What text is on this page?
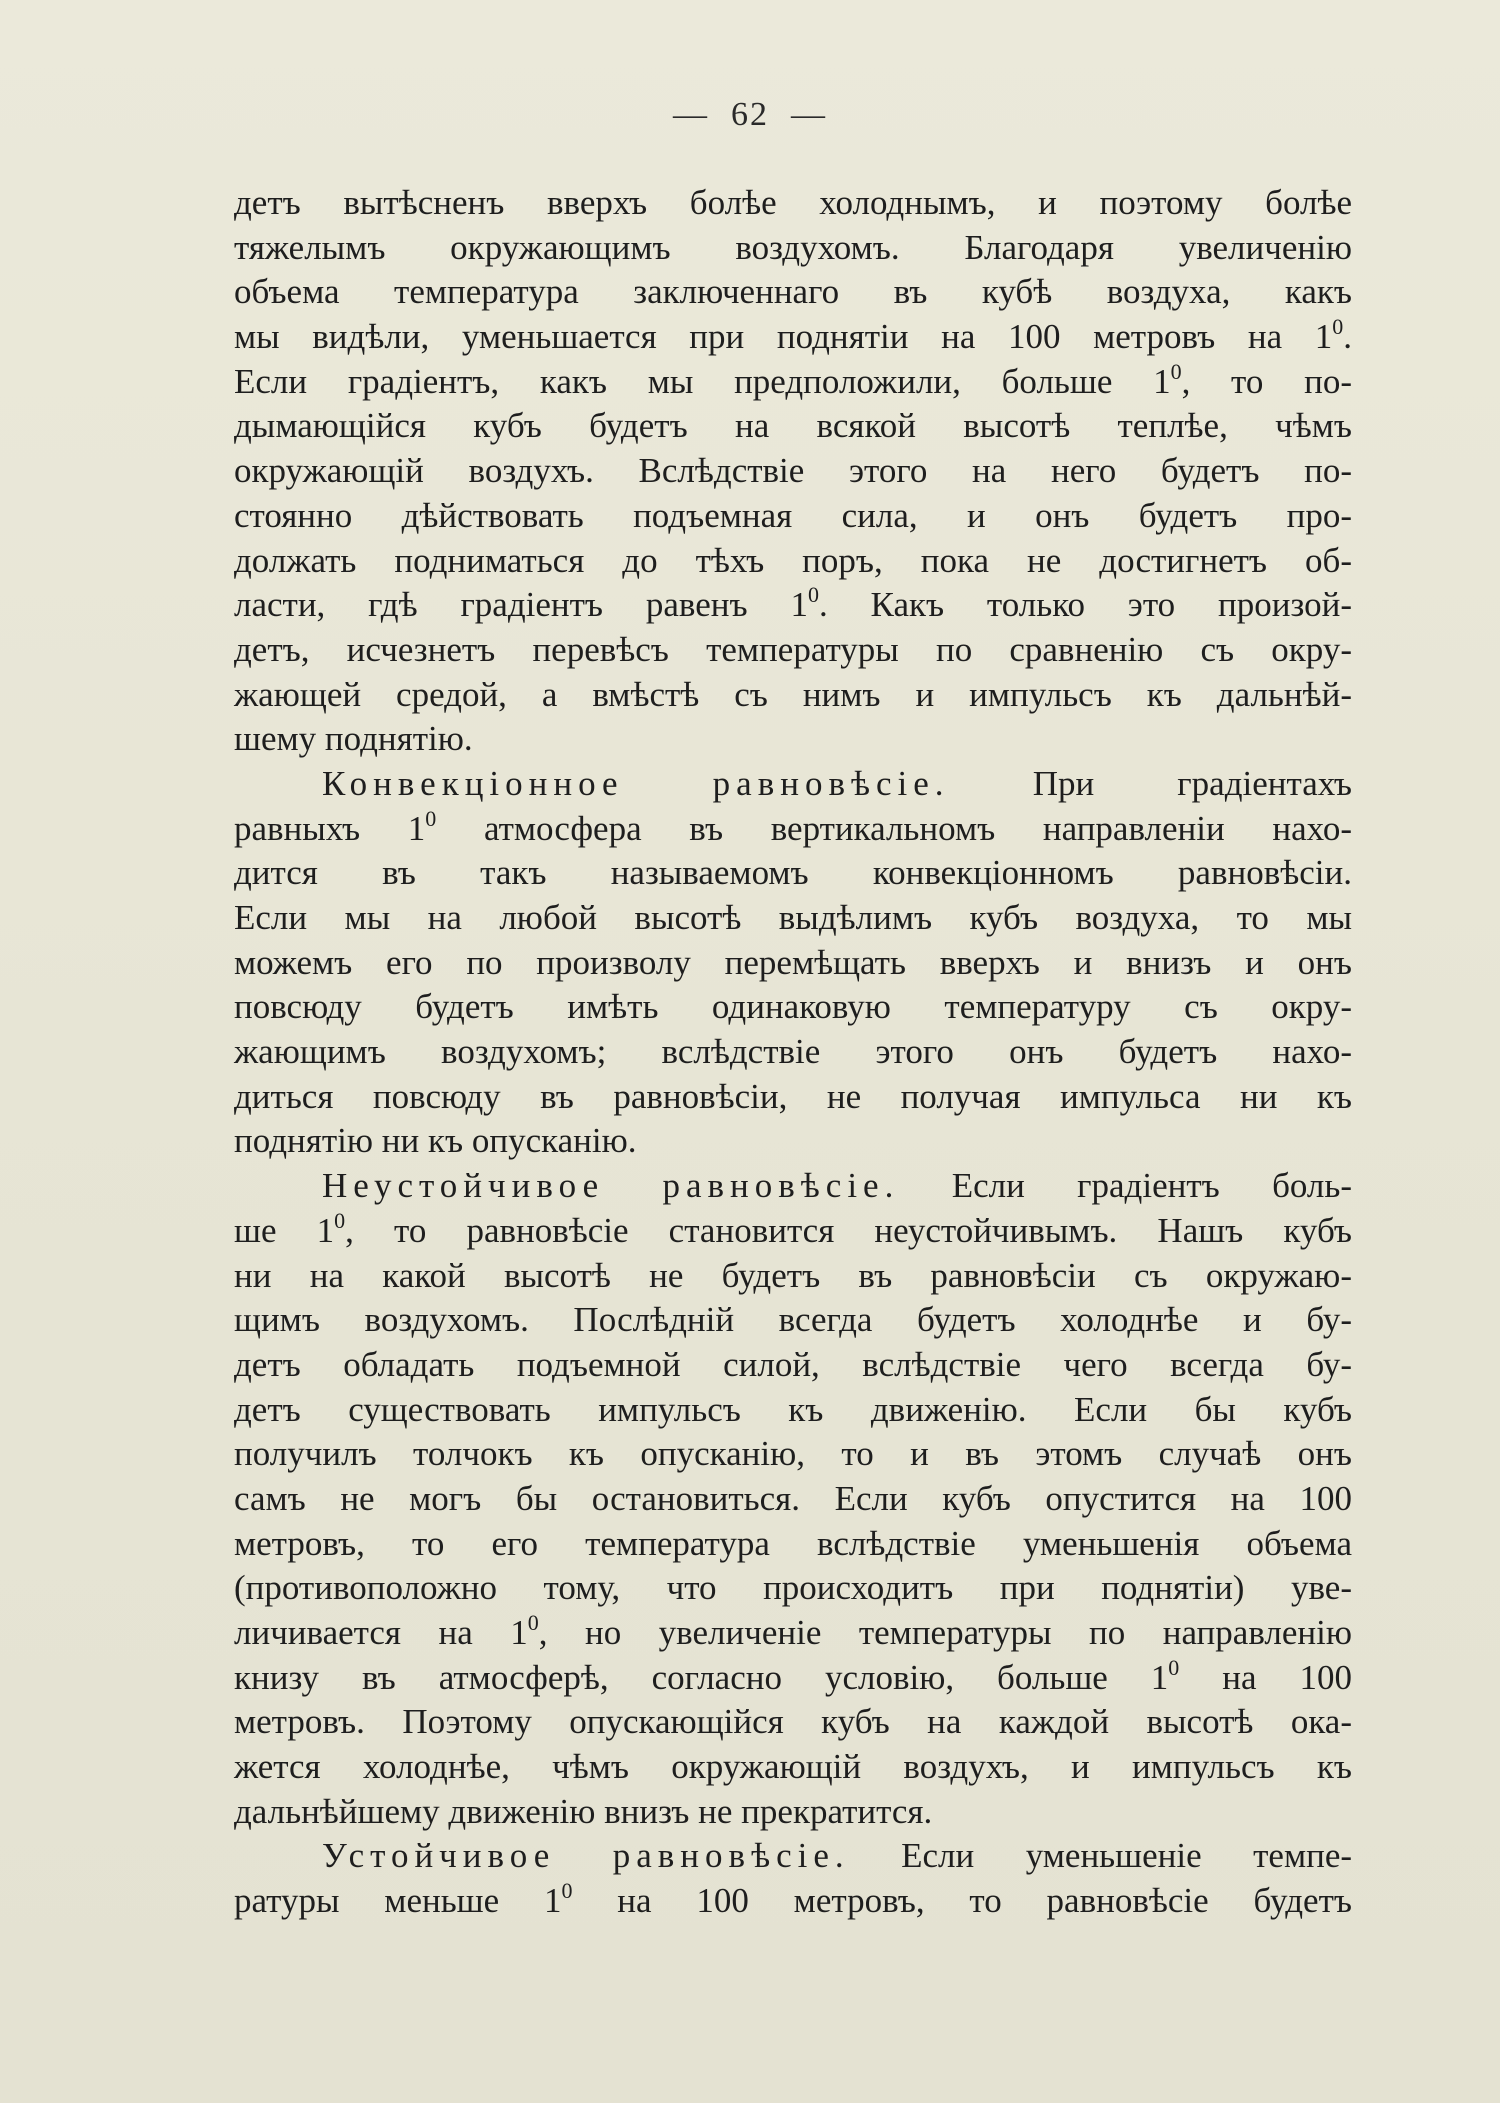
— 62 —
детъ вытѣсненъ вверхъ болѣе холоднымъ, и поэтому болѣе
тяжелымъ окружающимъ воздухомъ. Благодаря увеличенію
объема температура заключеннаго въ кубѣ воздуха, какъ
мы видѣли, уменьшается при поднятіи на 100 метровъ на $1^0$.
Если градіентъ, какъ мы предположили, больше $1^0$, то по-
дымающійся кубъ будетъ на всякой высотѣ теплѣе, чѣмъ
окружающій воздухъ. Вслѣдствіе этого на него будетъ по-
стоянно дѣйствовать подъемная сила, и онъ будетъ про-
должать подниматься до тѣхъ поръ, пока не достигнетъ об-
ласти, гдѣ градіентъ равенъ $1^0$. Какъ только это произой-
детъ, исчезнетъ перевѣсъ температуры по сравненію съ окру-
жающей средой, а вмѣстѣ съ нимъ и импульсъ къ дальнѣй-
шему поднятію.
Конвекціонное равновѣсіе. При градіентахъ
равныхъ $1^0$ атмосфера въ вертикальномъ направленіи нахо-
дится въ такъ называемомъ конвекціонномъ равновѣсіи.
Если мы на любой высотѣ выдѣлимъ кубъ воздуха, то мы
можемъ его по произволу перемѣщать вверхъ и внизъ и онъ
повсюду будетъ имѣть одинаковую температуру съ окру-
жающимъ воздухомъ; вслѣдствіе этого онъ будетъ нахо-
диться повсюду въ равновѣсіи, не получая импульса ни къ
поднятію ни къ опусканію.
Неустойчивое равновѣсіе. Если градіентъ боль-
ше $1^0$, то равновѣсіе становится неустойчивымъ. Нашъ кубъ
ни на какой высотѣ не будетъ въ равновѣсіи съ окружаю-
щимъ воздухомъ. Послѣдній всегда будетъ холоднѣе и бу-
детъ обладать подъемной силой, вслѣдствіе чего всегда бу-
детъ существовать импульсъ къ движенію. Если бы кубъ
получилъ толчокъ къ опусканію, то и въ этомъ случаѣ онъ
самъ не могъ бы остановиться. Если кубъ опустится на 100
метровъ, то его температура вслѣдствіе уменьшенія объема
(противоположно тому, что происходитъ при поднятіи) уве-
личивается на $1^0$, но увеличеніе температуры по направленію
книзу въ атмосферѣ, согласно условію, больше $1^0$ на 100
метровъ. Поэтому опускающійся кубъ на каждой высотѣ ока-
жется холоднѣе, чѣмъ окружающій воздухъ, и импульсъ къ
дальнѣйшему движенію внизъ не прекратится.
Устойчивое равновѣсіе. Если уменьшеніе темпе-
ратуры меньше $1^0$ на 100 метровъ, то равновѣсіе будетъ
